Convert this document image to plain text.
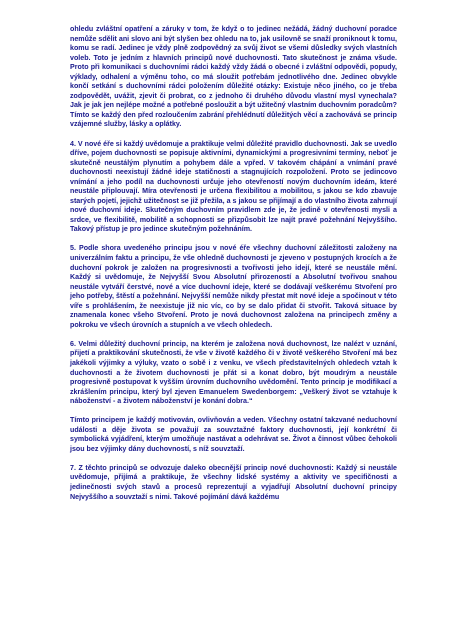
ohledu zvláštní opatření a záruky v tom, že když o to jedinec nežádá, žádný duchovní poradce nemůže sdělit ani slovo ani být slyšen bez ohledu na to, jak usilovně se snaží proniknout k tomu, komu se radí. Jedinec je vždy plně zodpovědný za svůj život se všemi důsledky svých vlastních voleb. Toto je jedním z hlavních principů nové duchovnosti. Tato skutečnost je známa všude. Proto při komunikaci s duchovními rádci každý vždy žádá o obecné i zvláštní odpovědi, popudy, výklady, odhalení a výměnu toho, co má sloužit potřebám jednotlivého dne. Jedinec obvykle končí setkání s duchovními rádci položením důležité otázky: Existuje něco jiného, co je třeba zodpovědět, uvážit, zjevit či probrat, co z jednoho či druhého důvodu vlastní mysl vynechala? Jak je jak jen nejlépe možné a potřebné posloužit a být užitečný vlastním duchovním poradcům? Tímto se každý den před rozloučením zabrání přehlédnutí důležitých věcí a zachovává se princip vzájemné služby, lásky a oplátky.

4. V nové éře si každý uvědomuje a praktikuje velmi důležité pravidlo duchovnosti. Jak se uvedlo dříve, pojem duchovnosti se popisuje aktivními, dynamickými a progresivními termíny, neboť je skutečně neustálým plynutím a pohybem dále a vpřed. V takovém chápání a vnímání pravé duchovnosti neexistují žádné ideje statičnosti a stagnujících rozpoložení. Proto se jedincovo vnímání a jeho podíl na duchovnosti určuje jeho otevřeností novým duchovním ideám, které neustále připlouvají. Míra otevřenosti je určena flexibilitou a mobilitou, s jakou se kdo zbavuje starých pojetí, jejichž užitečnost se již přežila, a s jakou se přijímají a do vlastního života zahrnují nové duchovní ideje. Skutečným duchovním pravidlem zde je, že jedině v otevřenosti mysli a srdce, ve flexibilitě, mobilitě a schopnosti se přizpůsobit lze najít pravé požehnání Nejvyššího. Takový přístup je pro jedince skutečným požehnáním.

5. Podle shora uvedeného principu jsou v nové éře všechny duchovní záležitosti založeny na univerzálním faktu a principu, že vše ohledně duchovnosti je zjeveno v postupných krocích a že duchovní pokrok je založen na progresivnosti a tvořivosti jeho idejí, které se neustále mění. Každý si uvědomuje, že Nejvyšší Svou Absolutní přirozeností a Absolutní tvořivou snahou neustále vytváří čerstvé, nové a více duchovní ideje, které se dodávají veškerému Stvoření pro jeho potřeby, štěstí a požehnání. Nejvyšší nemůže nikdy přestat mít nové ideje a spočinout v této víře s prohlášením, že neexistuje již nic víc, co by se dalo přidat či stvořit. Taková situace by znamenala konec všeho Stvoření. Proto je nová duchovnost založena na principech změny a pokroku ve všech úrovních a stupních a ve všech ohledech.

6. Velmi důležitý duchovní princip, na kterém je založena nová duchovnost, lze nalézt v uznání, přijetí a praktikování skutečnosti, že vše v životě každého či v životě veškerého Stvoření má bez jakékoli výjimky a výluky, vzato o sobě i z venku, ve všech představitelných ohledech vztah k duchovnosti a že životem duchovnosti je přát si a konat dobro, být moudrým a neustále progresivně postupovat k vyšším úrovním duchovního uvědomění. Tento princip je modifikací a zkrášlením principu, který byl zjeven Emanuelem Swedenborgem: „Veškerý život se vztahuje k náboženství - a životem náboženství je konání dobra.“

Tímto principem je každý motivován, ovlivňován a veden. Všechny ostatní takzvané neduchovní události a děje života se považují za souvztažné faktory duchovnosti, její konkrétní či symbolická vyjádření, kterým umožňuje nastávat a odehrávat se. Život a činnost vůbec čehokoli jsou bez výjimky dány duchovností, s níž souvztaží.

7. Z těchto principů se odvozuje daleko obecnější princip nové duchovnosti: Každý si neustále uvědomuje, přijímá a praktikuje, že všechny lidské systémy a aktivity ve specifičnosti a jedinečnosti svých stavů a procesů reprezentují a vyjadřují Absolutní duchovní principy Nejvyššího a souvztaží s nimi. Takové pojímání dává každému
